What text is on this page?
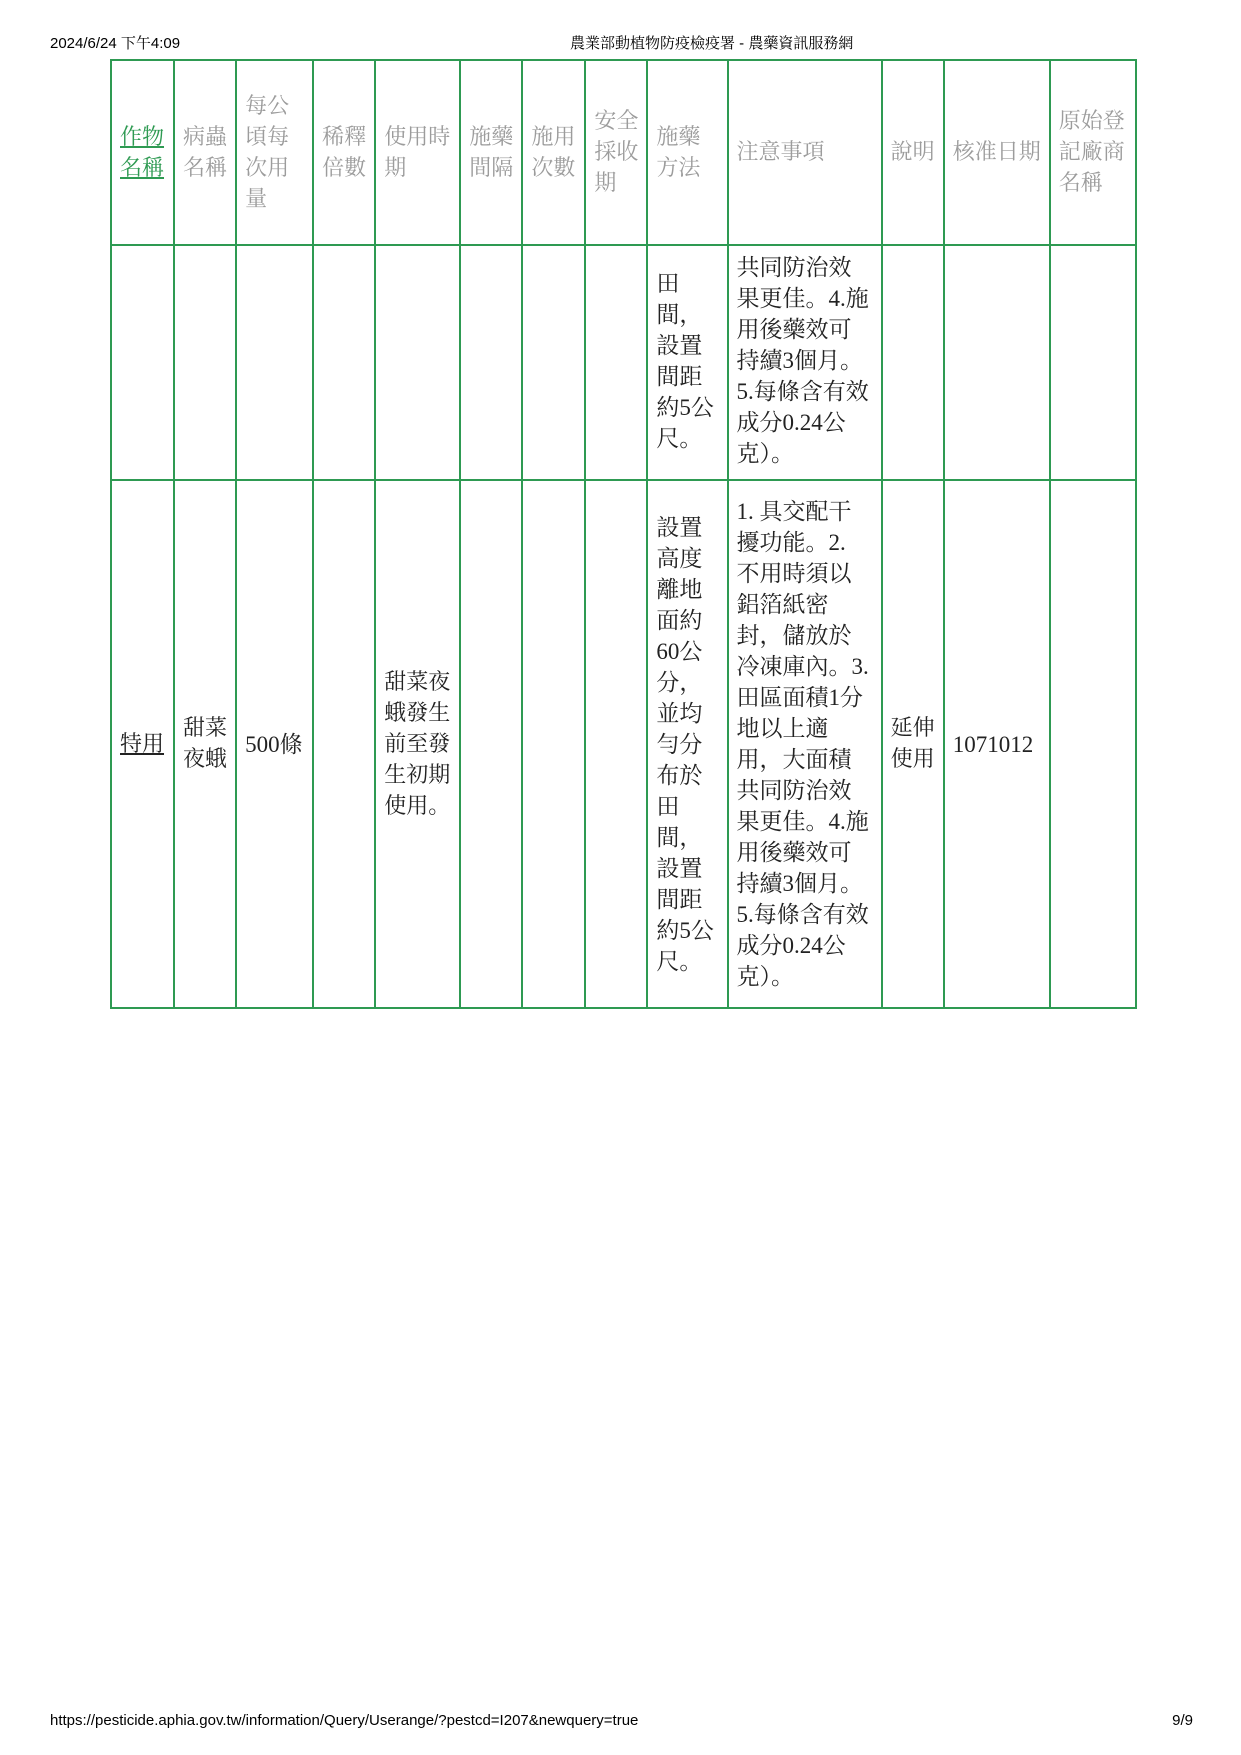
2024/6/24 下午4:09	農業部動植物防疫檢疫署 - 農藥資訊服務網
作物名稱	病蟲名稱	每公頃每次用量	稀釋倍數	使用時期	施藥間隔	施用次數	安全採收期	施藥方法	注意事項	說明	核准日期	原始登記廠商名稱
								田間，設置間距約5公尺。	共同防治效果更佳。4.施用後藥效可持續3個月。5.每條含有效成分0.24公克）。			
特用	甜菜夜蛾	500條		甜菜夜蛾發生前至發生初期使用。				設置高度離地面約60公分，並均勻分布於田間，設置間距約5公尺。	1. 具交配干擾功能。2. 不用時須以鋁箔紙密封，儲放於冷凍庫內。3. 田區面積1分地以上適用，大面積共同防治效果更佳。4.施用後藥效可持續3個月。5.每條含有效成分0.24公克）。	延伸使用	1071012	
https://pesticide.aphia.gov.tw/information/Query/Userange/?pestcd=I207&newquery=true	9/9
